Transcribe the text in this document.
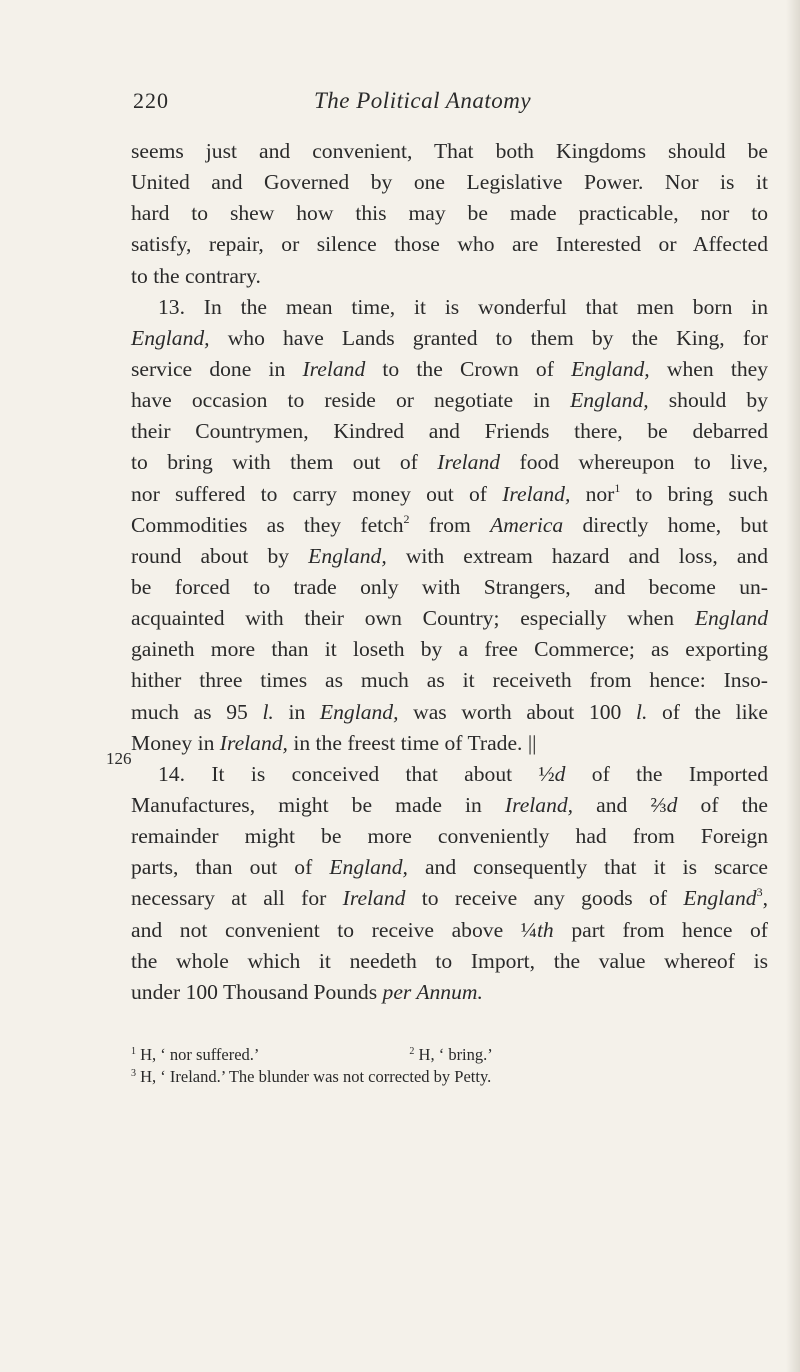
220	The Political Anatomy
126
seems just and convenient, That both Kingdoms should be
United and Governed by one Legislative Power. Nor is it
hard to shew how this may be made practicable, nor to
satisfy, repair, or silence those who are Interested or Affected
to the contrary.
13. In the mean time, it is wonderful that men born in
England, who have Lands granted to them by the King, for
service done in Ireland to the Crown of England, when they
have occasion to reside or negotiate in England, should by
their Countrymen, Kindred and Friends there, be debarred
to bring with them out of Ireland food whereupon to live,
nor suffered to carry money out of Ireland, nor$^1$ to bring such
Commodities as they fetch$^2$ from America directly home, but
round about by England, with extream hazard and loss, and
be forced to trade only with Strangers, and become un-
acquainted with their own Country; especially when England
gaineth more than it loseth by a free Commerce; as exporting
hither three times as much as it receiveth from hence: Inso-
much as 95 l. in England, was worth about 100 l. of the like
Money in Ireland, in the freest time of Trade. ||
14. It is conceived that about ½d of the Imported
Manufactures, might be made in Ireland, and ⅔d of the
remainder might be more conveniently had from Foreign
parts, than out of England, and consequently that it is scarce
necessary at all for Ireland to receive any goods of England$^3$,
and not convenient to receive above ¼th part from hence of
the whole which it needeth to Import, the value whereof is
under 100 Thousand Pounds per Annum.
$^1$ H, ‘ nor suffered.’	$^2$ H, ‘ bring.’
$^3$ H, ‘ Ireland.’ The blunder was not corrected by Petty.
